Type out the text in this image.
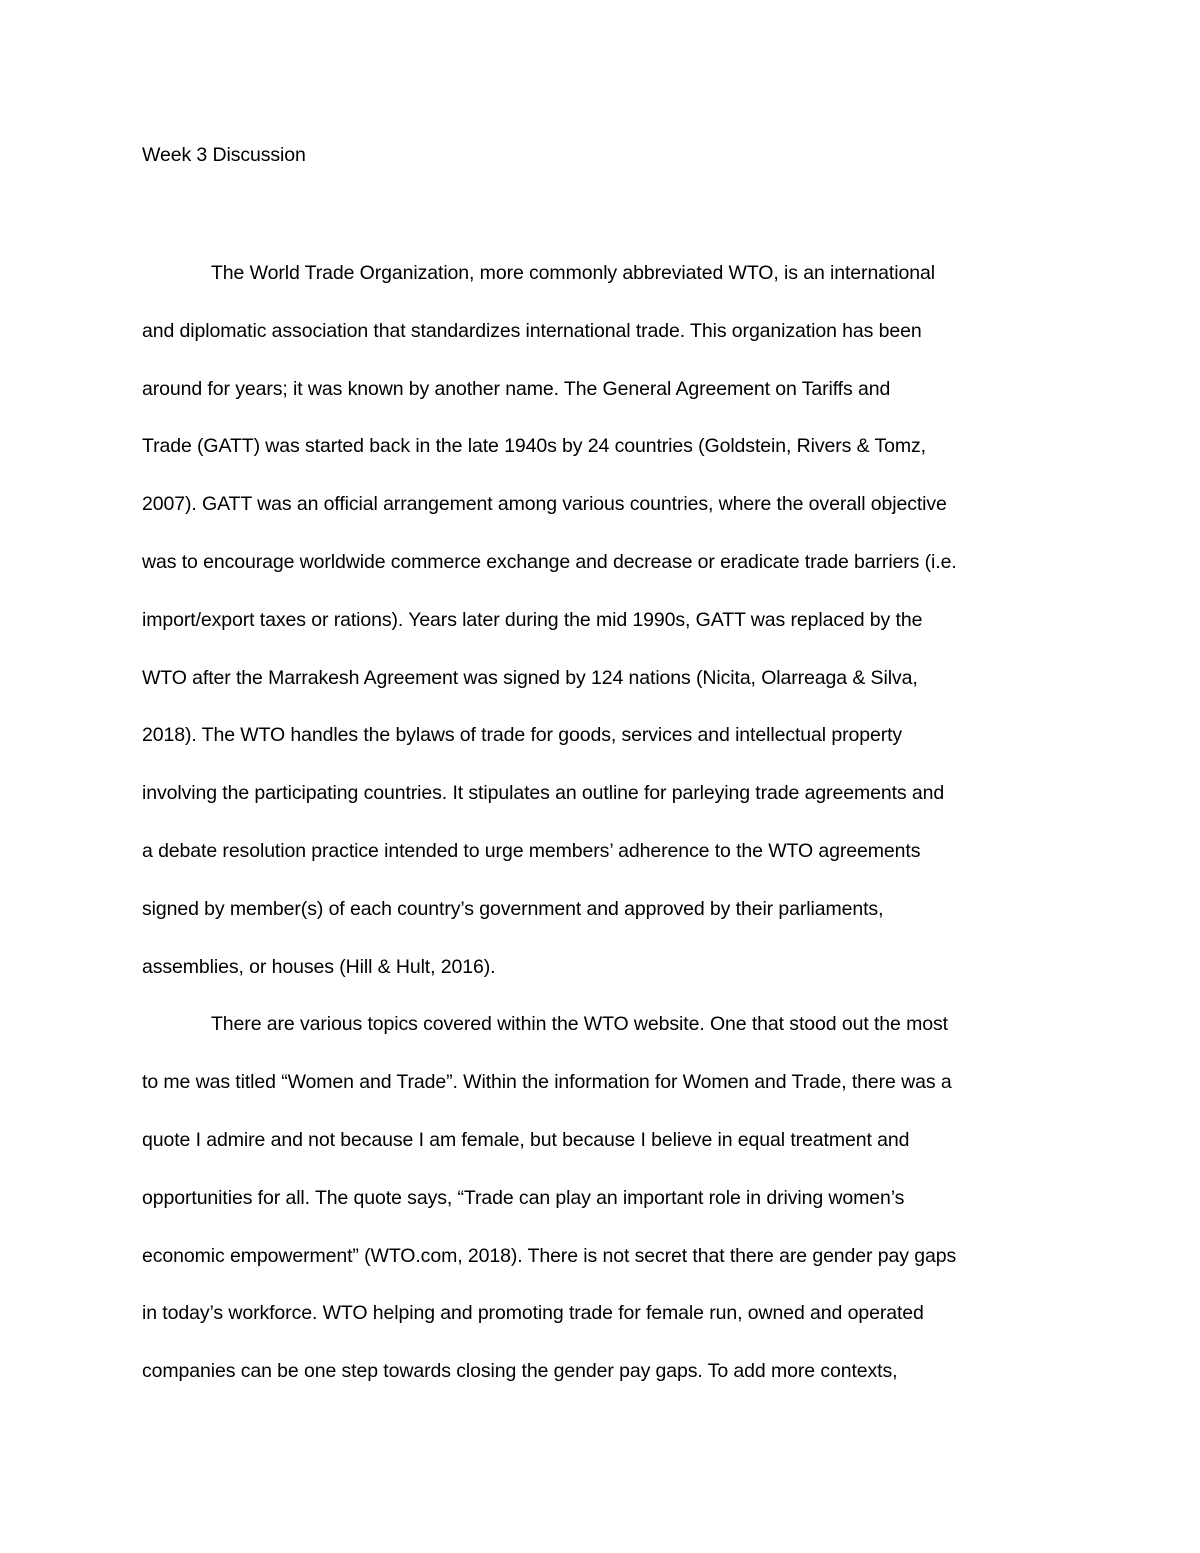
Week 3 Discussion
The World Trade Organization, more commonly abbreviated WTO, is an international
and diplomatic association that standardizes international trade. This organization has been
around for years; it was known by another name. The General Agreement on Tariffs and
Trade (GATT) was started back in the late 1940s by 24 countries (Goldstein, Rivers & Tomz,
2007). GATT was an official arrangement among various countries, where the overall objective
was to encourage worldwide commerce exchange and decrease or eradicate trade barriers (i.e.
import/export taxes or rations). Years later during the mid 1990s, GATT was replaced by the
WTO after the Marrakesh Agreement was signed by 124 nations (Nicita, Olarreaga & Silva,
2018). The WTO handles the bylaws of trade for goods, services and intellectual property
involving the participating countries. It stipulates an outline for parleying trade agreements and
a debate resolution practice intended to urge members’ adherence to the WTO agreements
signed by member(s) of each country’s government and approved by their parliaments,
assemblies, or houses (Hill & Hult, 2016).
There are various topics covered within the WTO website. One that stood out the most
to me was titled “Women and Trade”. Within the information for Women and Trade, there was a
quote I admire and not because I am female, but because I believe in equal treatment and
opportunities for all. The quote says, “Trade can play an important role in driving women’s
economic empowerment” (WTO.com, 2018). There is not secret that there are gender pay gaps
in today’s workforce. WTO helping and promoting trade for female run, owned and operated
companies can be one step towards closing the gender pay gaps. To add more contexts,
